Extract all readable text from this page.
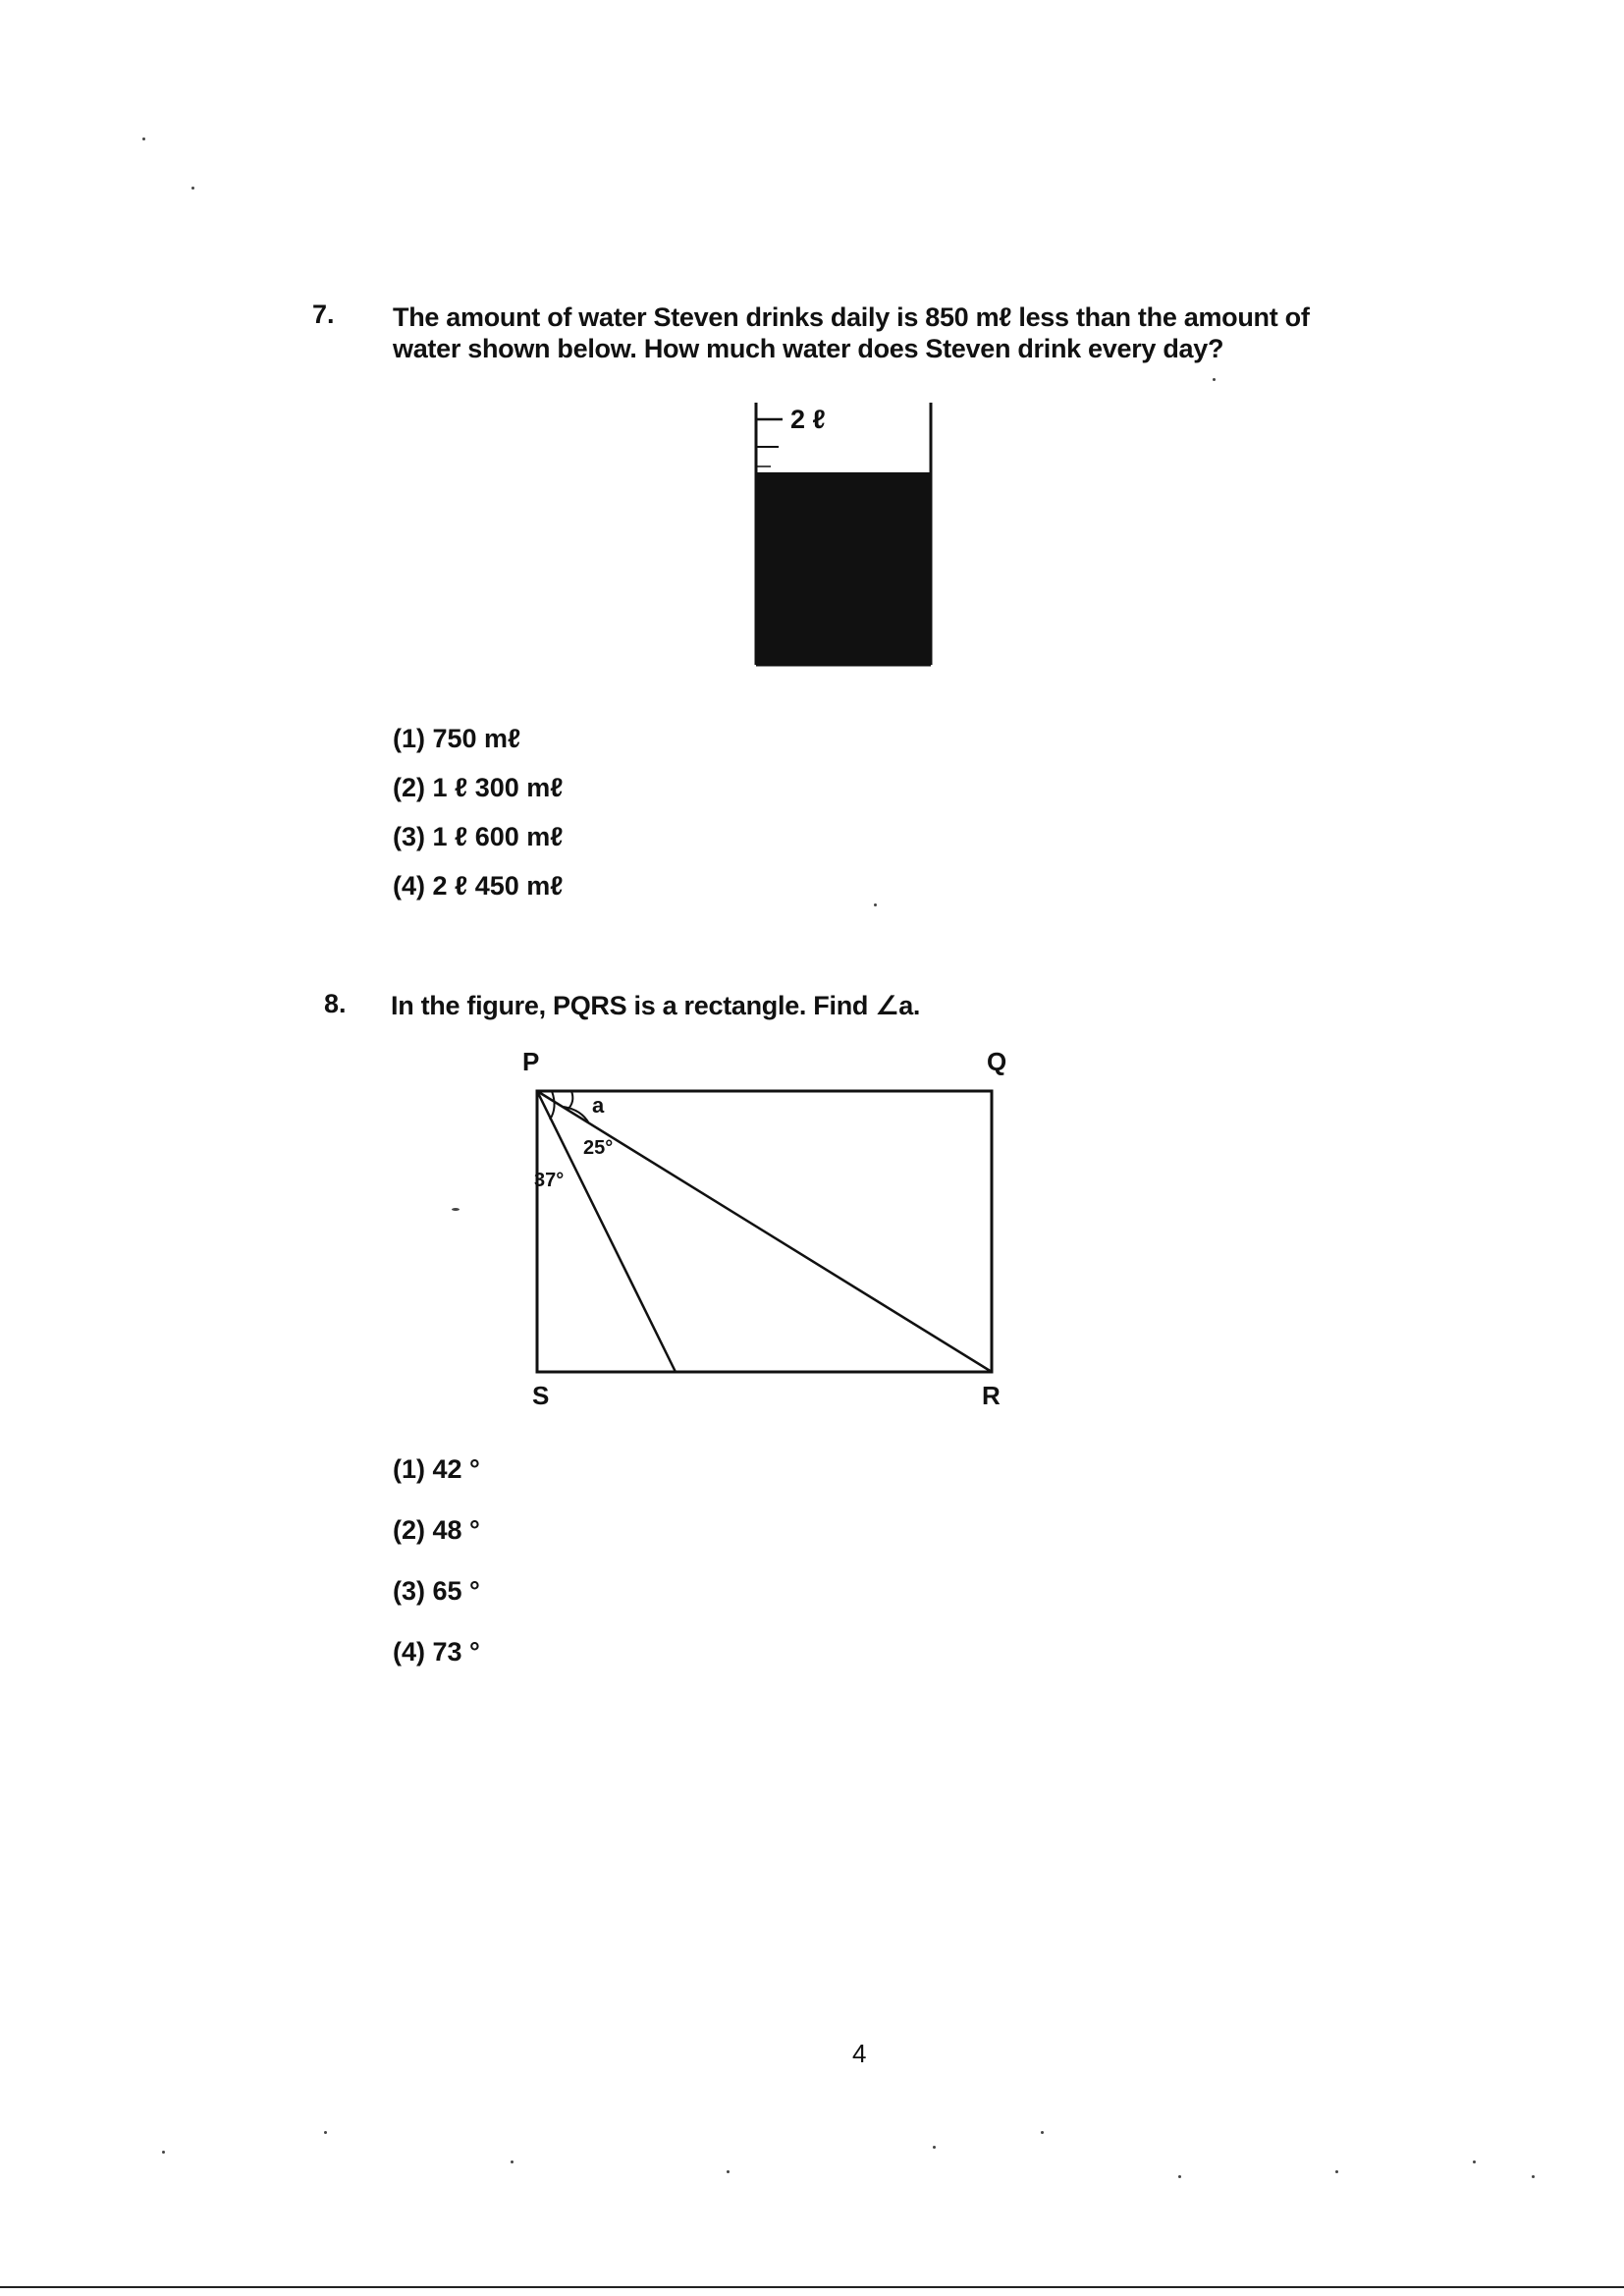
7. The amount of water Steven drinks daily is 850 mℓ less than the amount of
water shown below. How much water does Steven drink every day?
2 ℓ
(1) 750 mℓ
(2) 1 ℓ 300 mℓ
(3) 1 ℓ 600 mℓ
(4) 2 ℓ 450 mℓ
8. In the figure, PQRS is a rectangle. Find ∠a.
P	Q
R
S
a
25°
37°
(1) 42 °
(2) 48 °
(3) 65 °
(4) 73 °
4
